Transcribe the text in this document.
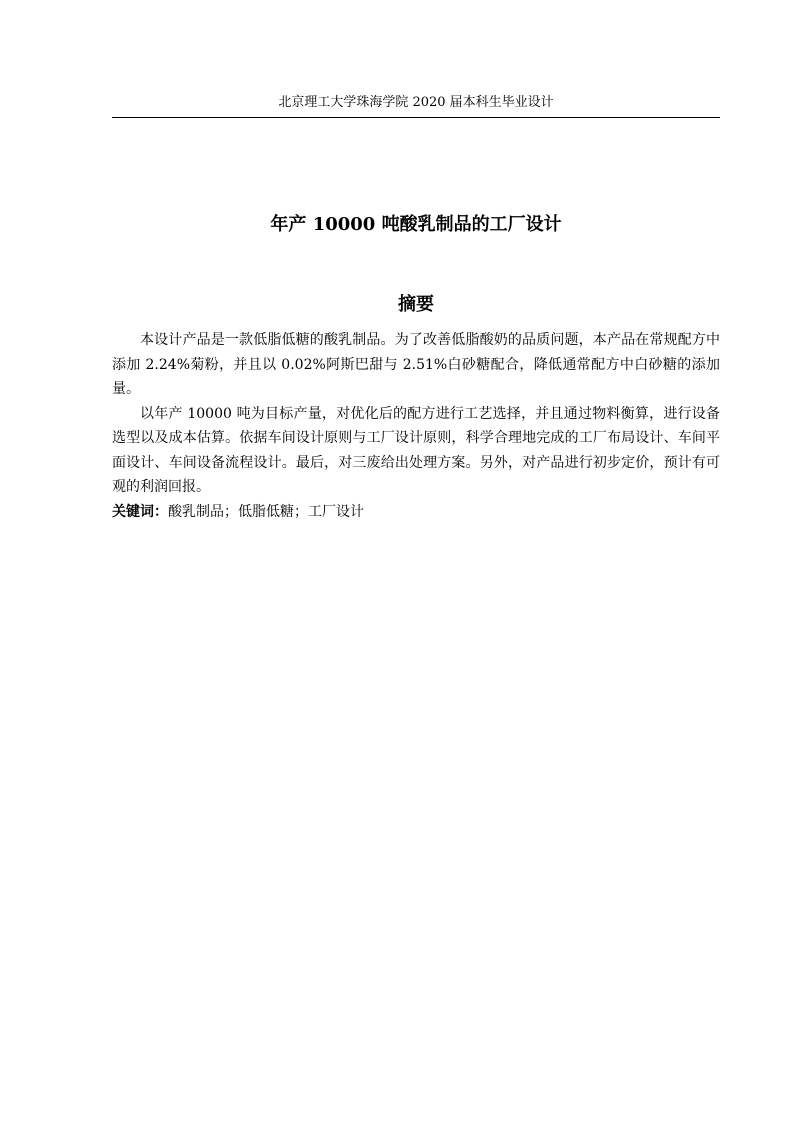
北京理工大学珠海学院 2020 届本科生毕业设计
年产 10000 吨酸乳制品的工厂设计
摘要

本设计产品是一款低脂低糖的酸乳制品。为了改善低脂酸奶的品质问题，本产品在常规配方中添加 2.24%菊粉，并且以 0.02%阿斯巴甜与 2.51%白砂糖配合，降低通常配方中白砂糖的添加量。

以年产 10000 吨为目标产量，对优化后的配方进行工艺选择，并且通过物料衡算，进行设备选型以及成本估算。依据车间设计原则与工厂设计原则，科学合理地完成的工厂布局设计、车间平面设计、车间设备流程设计。最后，对三废给出处理方案。另外，对产品进行初步定价，预计有可观的利润回报。

关键词：酸乳制品；低脂低糖；工厂设计
